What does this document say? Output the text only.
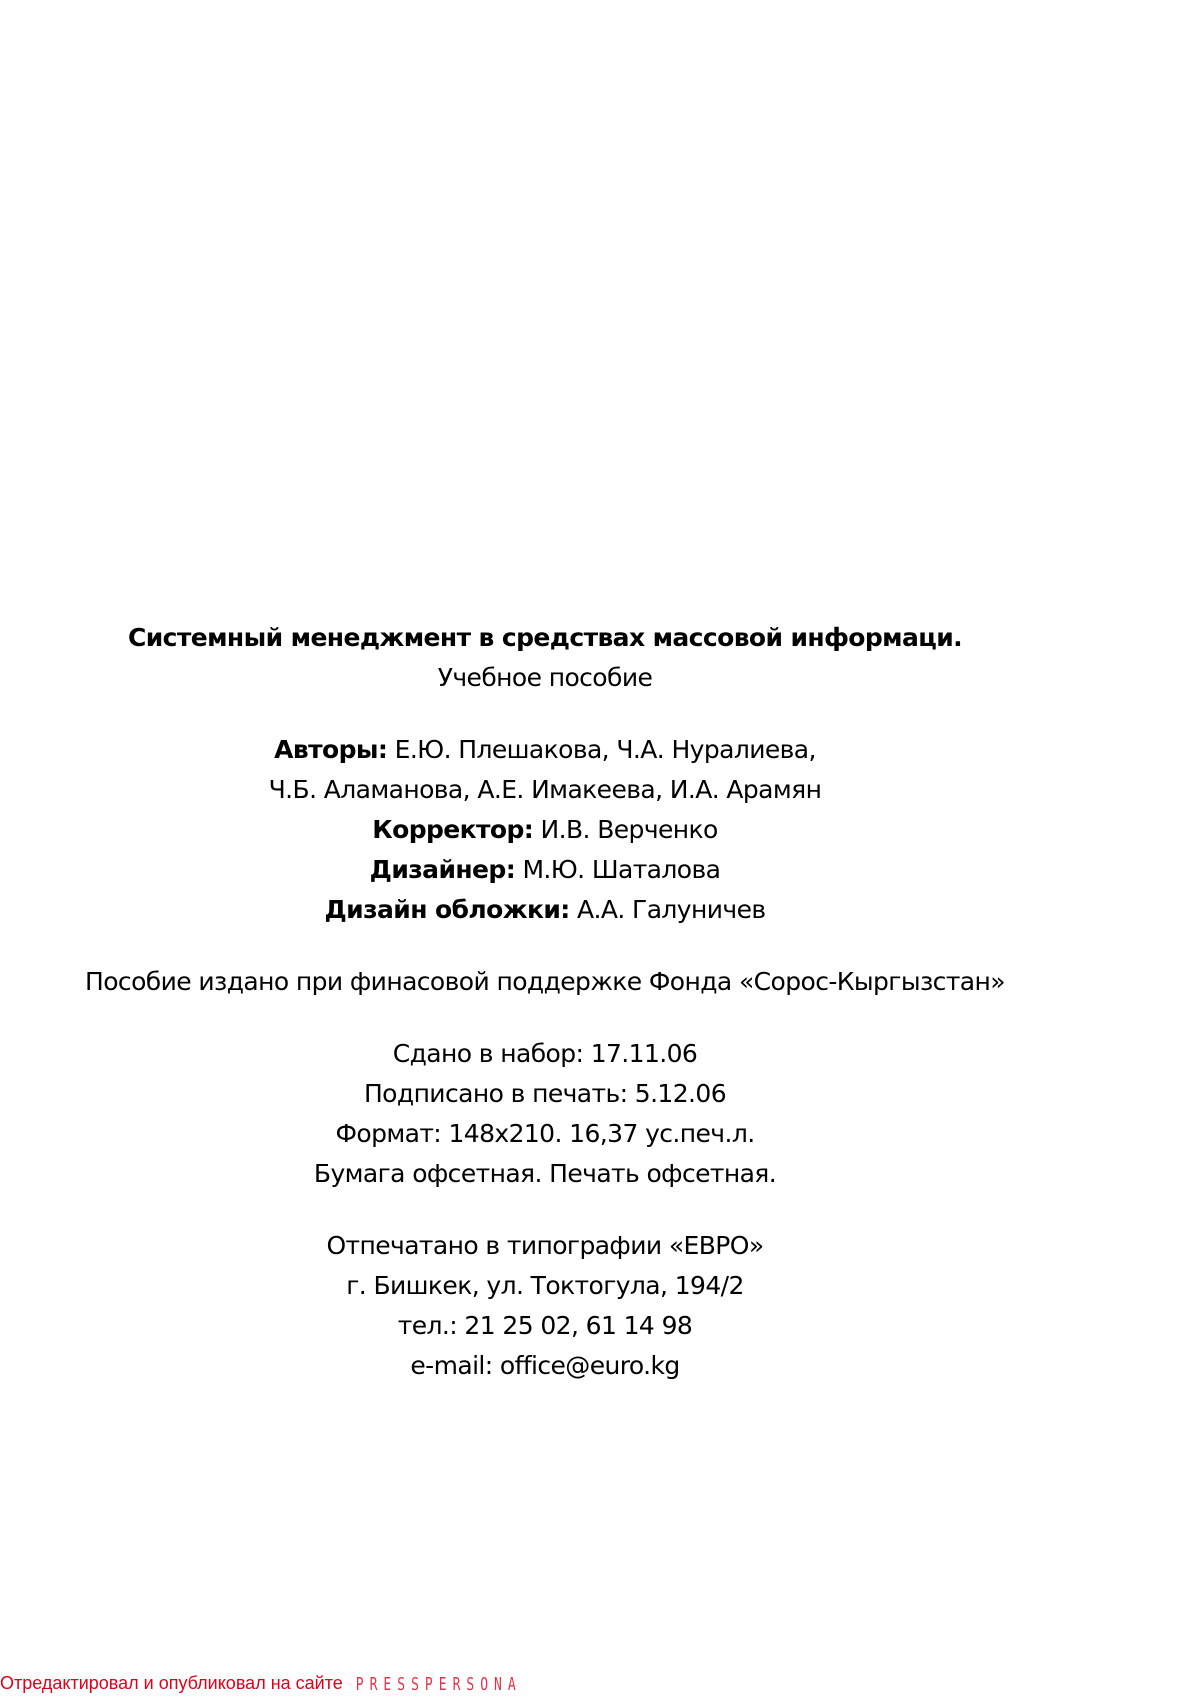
Системный менеджмент в средствах массовой информаци.
Учебное пособие
Авторы: Е.Ю. Плешакова, Ч.А. Нуралиева,
Ч.Б. Аламанова, А.Е. Имакеева, И.А. Арамян
Корректор: И.В. Верченко
Дизайнер: М.Ю. Шаталова
Дизайн обложки: А.А. Галуничев
Пособие издано при финасовой поддержке Фонда «Сорос-Кыргызстан»
Сдано в набор: 17.11.06
Подписано в печать: 5.12.06
Формат: 148x210. 16,37 ус.печ.л.
Бумага офсетная. Печать офсетная.
Отпечатано в типографии «ЕВРО»
г. Бишкек, ул. Токтогула, 194/2
тел.: 21 25 02, 61 14 98
e-mail: office@euro.kg
Отредактировал и опубликовал на сайте PRESSPERSONA
